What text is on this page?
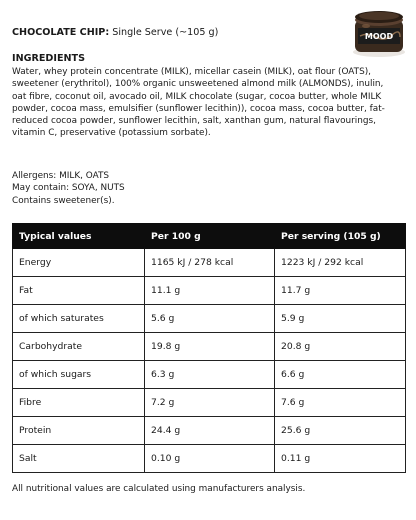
CHOCOLATE CHIP: Single Serve (~105 g)	MOOD
INGREDIENTS
Water, whey protein concentrate (MILK), micellar casein (MILK), oat flour (OATS), sweetener (erythritol), 100% organic unsweetened almond milk (ALMONDS), inulin, oat fibre, coconut oil, avocado oil, MILK chocolate (sugar, cocoa butter, whole MILK powder, cocoa mass, emulsifier (sunflower lecithin)), cocoa mass, cocoa butter, fat-reduced cocoa powder, sunflower lecithin, salt, xanthan gum, natural flavourings, vitamin C, preservative (potassium sorbate).
Allergens: MILK, OATS
May contain: SOYA, NUTS
Contains sweetener(s).
Typical values	Per 100 g	Per serving (105 g)
Energy	1165 kJ / 278 kcal	1223 kJ / 292 kcal
Fat	11.1 g	11.7 g
of which saturates	5.6 g	5.9 g
Carbohydrate	19.8 g	20.8 g
of which sugars	6.3 g	6.6 g
Fibre	7.2 g	7.6 g
Protein	24.4 g	25.6 g
Salt	0.10 g	0.11 g
All nutritional values are calculated using manufacturers analysis.
